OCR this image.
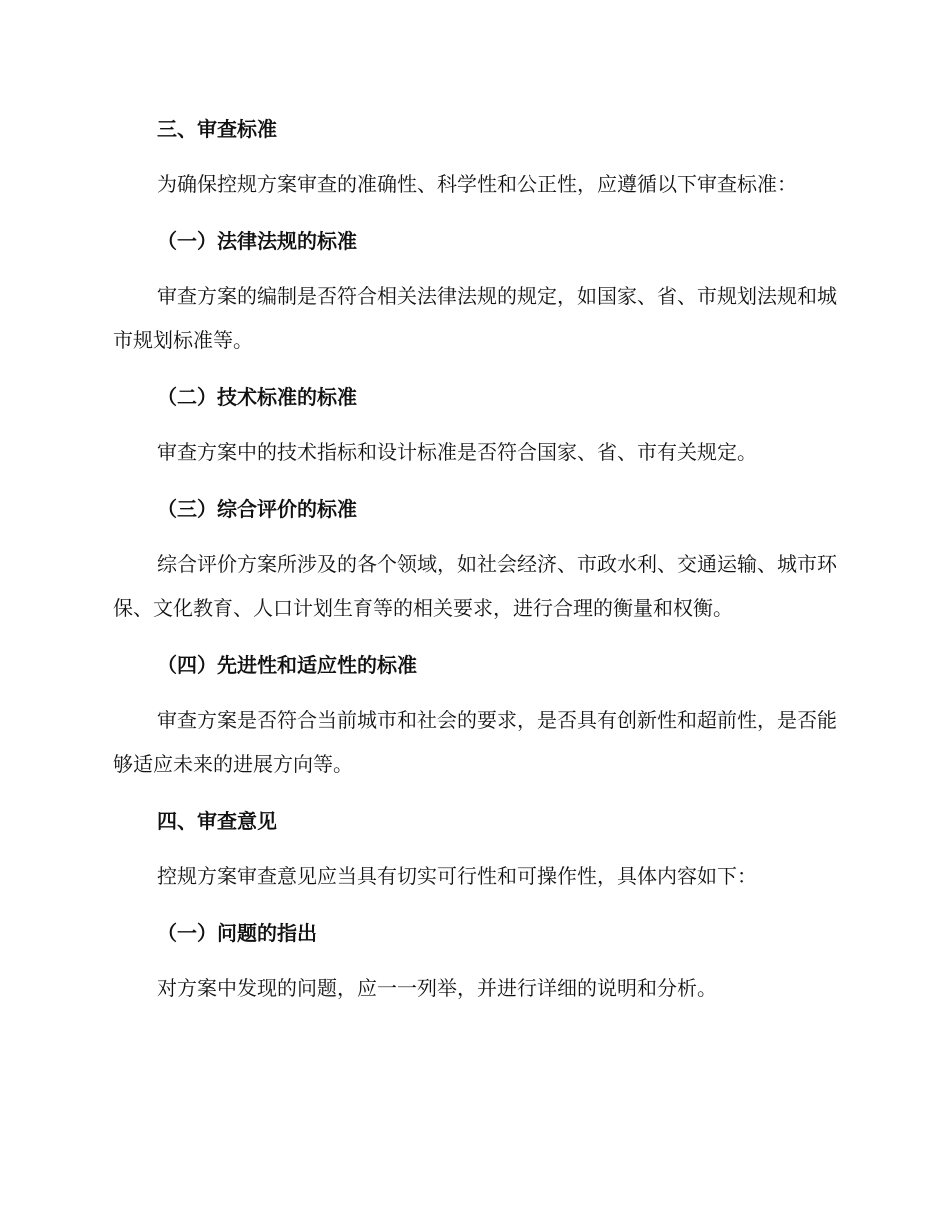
三、审查标准

为确保控规方案审查的准确性、科学性和公正性，应遵循以下审查标准：

（一）法律法规的标准

审查方案的编制是否符合相关法律法规的规定，如国家、省、市规划法规和城市规划标准等。

（二）技术标准的标准

审查方案中的技术指标和设计标准是否符合国家、省、市有关规定。

（三）综合评价的标准

综合评价方案所涉及的各个领域，如社会经济、市政水利、交通运输、城市环保、文化教育、人口计划生育等的相关要求，进行合理的衡量和权衡。

（四）先进性和适应性的标准

审查方案是否符合当前城市和社会的要求，是否具有创新性和超前性，是否能够适应未来的进展方向等。

四、审查意见

控规方案审查意见应当具有切实可行性和可操作性，具体内容如下：

（一）问题的指出

对方案中发现的问题，应一一列举，并进行详细的说明和分析。
